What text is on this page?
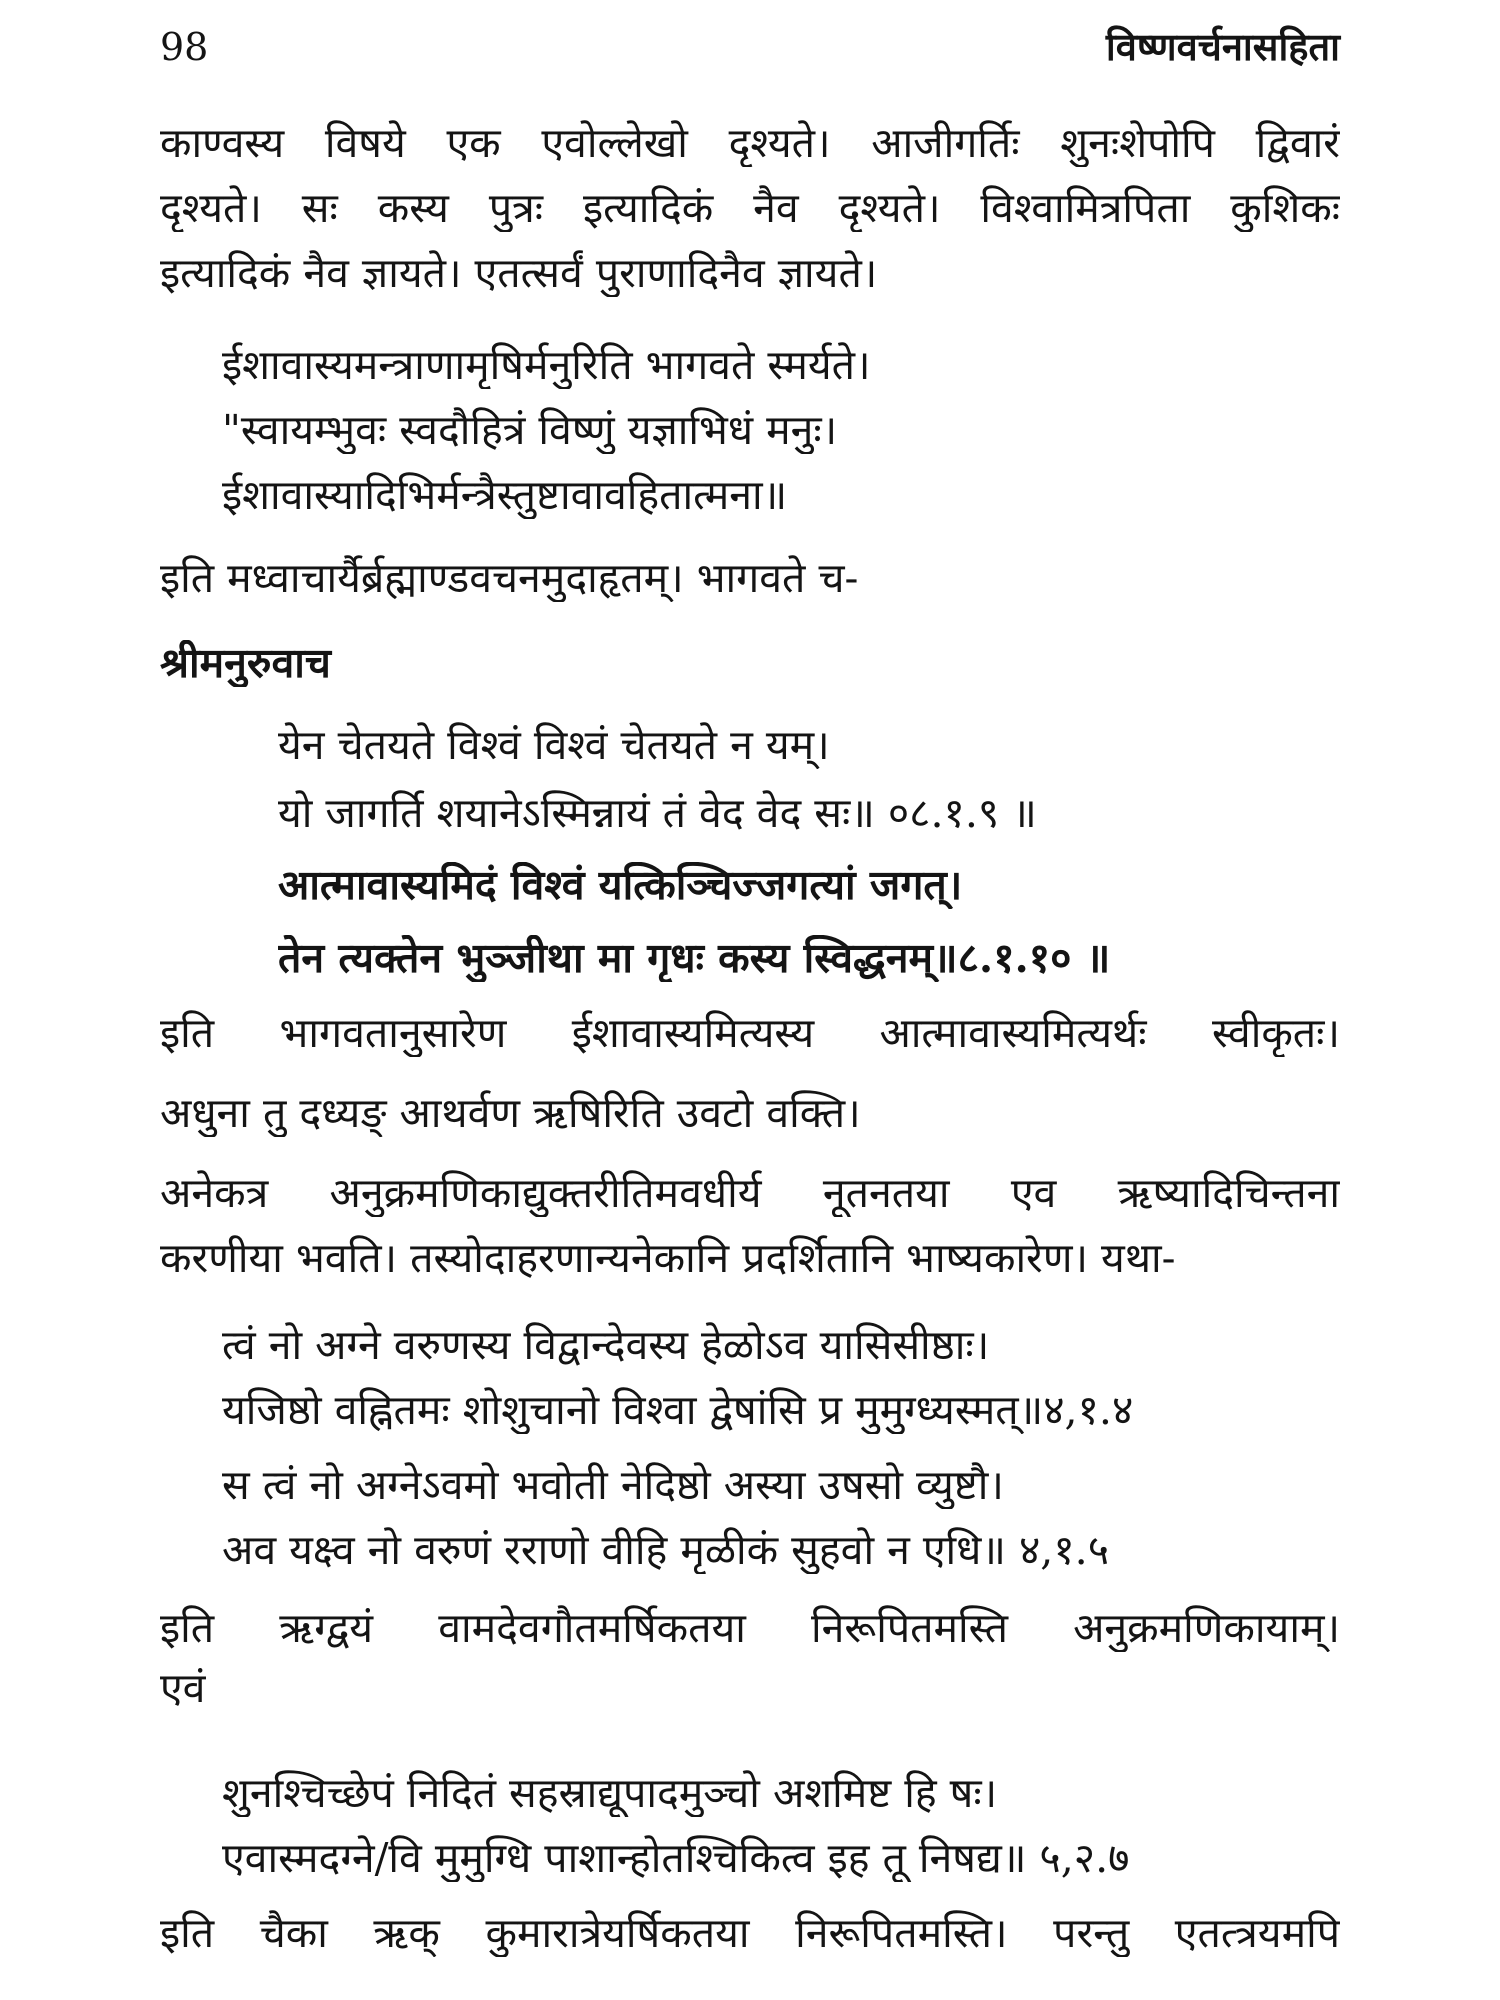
98	विष्णवर्चनासहिता
काण्वस्य विषये एक एवोल्लेखो दृश्यते। आजीगर्तिः शुनःशेपोपि द्विवारं
दृश्यते। सः कस्य पुत्रः इत्यादिकं नैव दृश्यते। विश्वामित्रपिता कुशिकः
इत्यादिकं नैव ज्ञायते। एतत्सर्वं पुराणादिनैव ज्ञायते।
ईशावास्यमन्त्राणामृषिर्मनुरिति भागवते स्मर्यते।
"स्वायम्भुवः स्वदौहित्रं विष्णुं यज्ञाभिधं मनुः।
ईशावास्यादिभिर्मन्त्रैस्तुष्टावावहितात्मना॥
इति मध्वाचार्यैर्ब्रह्माण्डवचनमुदाहृतम्। भागवते च-
श्रीमनुरुवाच
येन चेतयते विश्वं विश्वं चेतयते न यम्।
यो जागर्ति शयानेऽस्मिन्नायं तं वेद वेद सः॥ ०८.१.९ ॥
आत्मावास्यमिदं विश्वं यत्किञ्चिज्जगत्यां जगत्।
तेन त्यक्तेन भुञ्जीथा मा गृधः कस्य स्विद्धनम्॥८.१.१० ॥
इति भागवतानुसारेण ईशावास्यमित्यस्य आत्मावास्यमित्यर्थः स्वीकृतः।
अधुना तु दध्यङ् आथर्वण ऋषिरिति उवटो वक्ति।
अनेकत्र अनुक्रमणिकाद्युक्तरीतिमवधीर्य नूतनतया एव ऋष्यादिचिन्तना
करणीया भवति। तस्योदाहरणान्यनेकानि प्रदर्शितानि भाष्यकारेण। यथा-
त्वं नो अग्ने वरुणस्य विद्वान्देवस्य हेळोऽव यासिसीष्ठाः।
यजिष्ठो वह्नितमः शोशुचानो विश्वा द्वेषांसि प्र मुमुग्ध्यस्मत्॥४,१.४
स त्वं नो अग्नेऽवमो भवोती नेदिष्ठो अस्या उषसो व्युष्टौ।
अव यक्ष्व नो वरुणं रराणो वीहि मृळीकं सुहवो न एधि॥ ४,१.५
इति ऋग्द्वयं वामदेवगौतमर्षिकतया निरूपितमस्ति अनुक्रमणिकायाम्।
एवं
शुनश्चिच्छेपं निदितं सहस्राद्यूपादमुञ्चो अशमिष्ट हि षः।
एवास्मदग्ने/वि मुमुग्धि पाशान्होतश्चिकित्व इह तू निषद्य॥ ५,२.७
इति चैका ऋक् कुमारात्रेयर्षिकतया निरूपितमस्ति। परन्तु एतत्त्रयमपि
